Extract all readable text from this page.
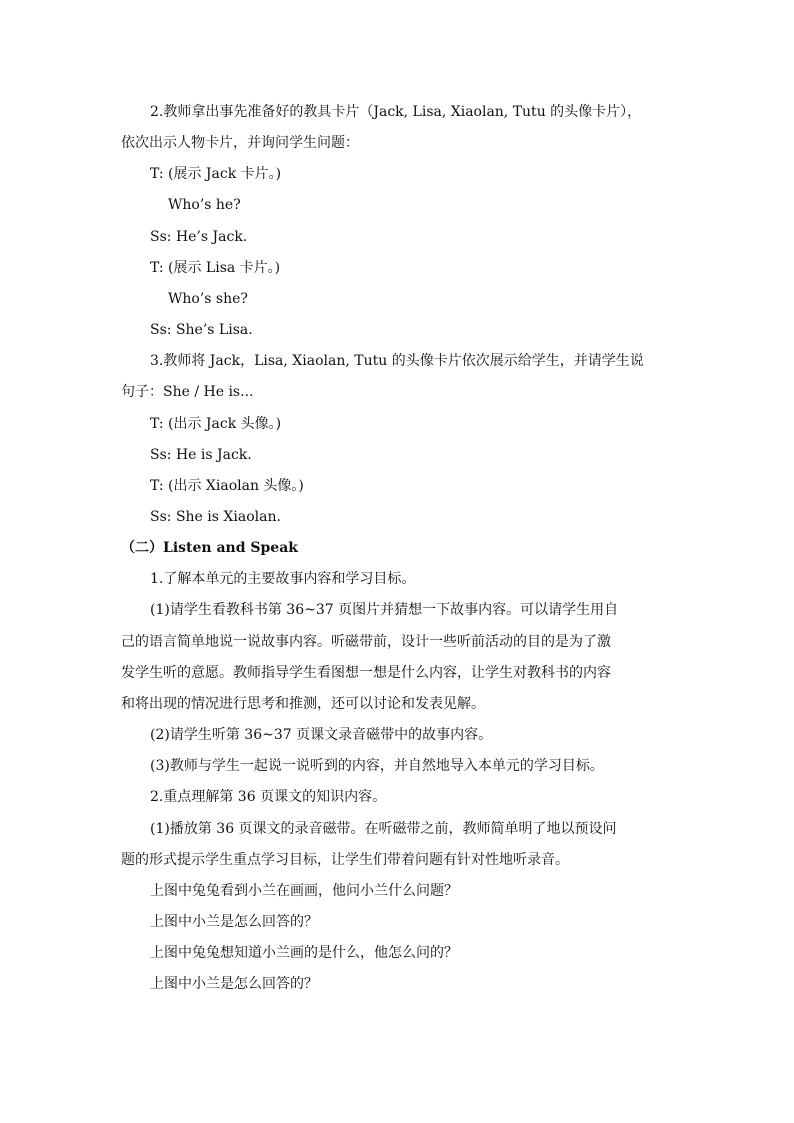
2.教师拿出事先准备好的教具卡片（Jack, Lisa, Xiaolan, Tutu 的头像卡片），
依次出示人物卡片，并询问学生问题：
T: (展示 Jack 卡片。)
Who’s he?
Ss: He’s Jack.
T: (展示 Lisa 卡片。)
Who’s she?
Ss: She’s Lisa.
3.教师将 Jack，Lisa, Xiaolan, Tutu 的头像卡片依次展示给学生，并请学生说
句子：She / He is...
T: (出示 Jack 头像。)
Ss: He is Jack.
T: (出示 Xiaolan 头像。)
Ss: She is Xiaolan.
（二）Listen and Speak
1.了解本单元的主要故事内容和学习目标。
(1)请学生看教科书第 36~37 页图片并猜想一下故事内容。可以请学生用自
己的语言简单地说一说故事内容。听磁带前，设计一些听前活动的目的是为了激
发学生听的意愿。教师指导学生看图想一想是什么内容，让学生对教科书的内容
和将出现的情况进行思考和推测，还可以讨论和发表见解。
(2)请学生听第 36~37 页课文录音磁带中的故事内容。
(3)教师与学生一起说一说听到的内容，并自然地导入本单元的学习目标。
2.重点理解第 36 页课文的知识内容。
(1)播放第 36 页课文的录音磁带。在听磁带之前，教师简单明了地以预设问
题的形式提示学生重点学习目标，让学生们带着问题有针对性地听录音。
上图中兔兔看到小兰在画画，他问小兰什么问题？
上图中小兰是怎么回答的？
上图中兔兔想知道小兰画的是什么，他怎么问的？
上图中小兰是怎么回答的？
